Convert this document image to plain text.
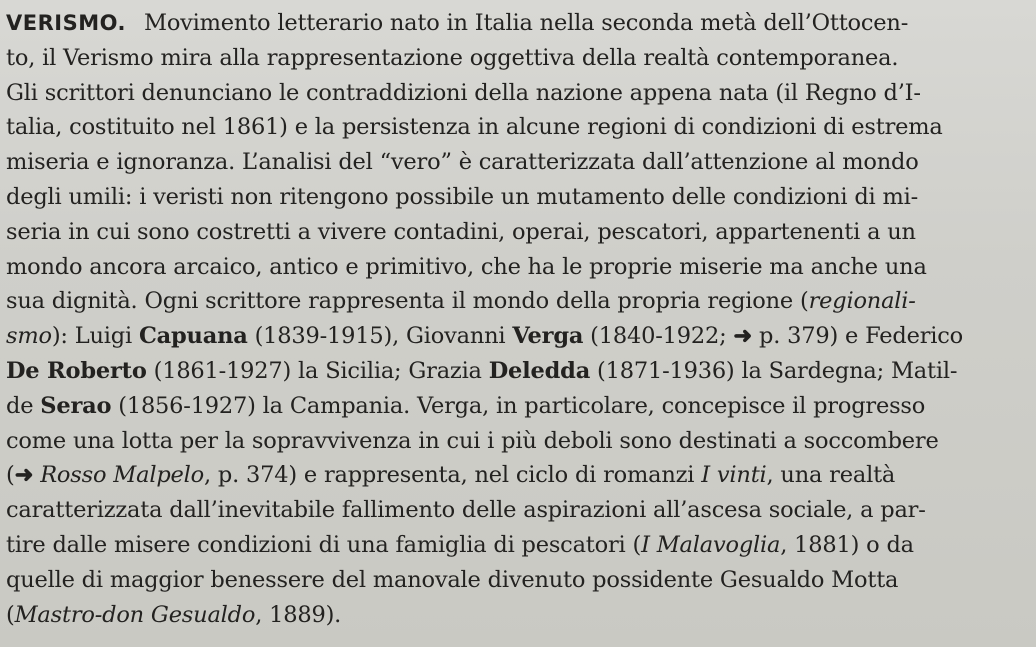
VERISMO. Movimento letterario nato in Italia nella seconda metà dell’Ottocen-
to, il Verismo mira alla rappresentazione oggettiva della realtà contemporanea.
Gli scrittori denunciano le contraddizioni della nazione appena nata (il Regno d’I-
talia, costituito nel 1861) e la persistenza in alcune regioni di condizioni di estrema
miseria e ignoranza. L’analisi del “vero” è caratterizzata dall’attenzione al mondo
degli umili: i veristi non ritengono possibile un mutamento delle condizioni di mi-
seria in cui sono costretti a vivere contadini, operai, pescatori, appartenenti a un
mondo ancora arcaico, antico e primitivo, che ha le proprie miserie ma anche una
sua dignità. Ogni scrittore rappresenta il mondo della propria regione (regionali-
smo): Luigi Capuana (1839-1915), Giovanni Verga (1840-1922; ➜ p. 379) e Federico
De Roberto (1861-1927) la Sicilia; Grazia Deledda (1871-1936) la Sardegna; Matil-
de Serao (1856-1927) la Campania. Verga, in particolare, concepisce il progresso
come una lotta per la sopravvivenza in cui i più deboli sono destinati a soccombere
(➜ Rosso Malpelo, p. 374) e rappresenta, nel ciclo di romanzi I vinti, una realtà
caratterizzata dall’inevitabile fallimento delle aspirazioni all’ascesa sociale, a par-
tire dalle misere condizioni di una famiglia di pescatori (I Malavoglia, 1881) o da
quelle di maggior benessere del manovale divenuto possidente Gesualdo Motta
(Mastro-don Gesualdo, 1889).
